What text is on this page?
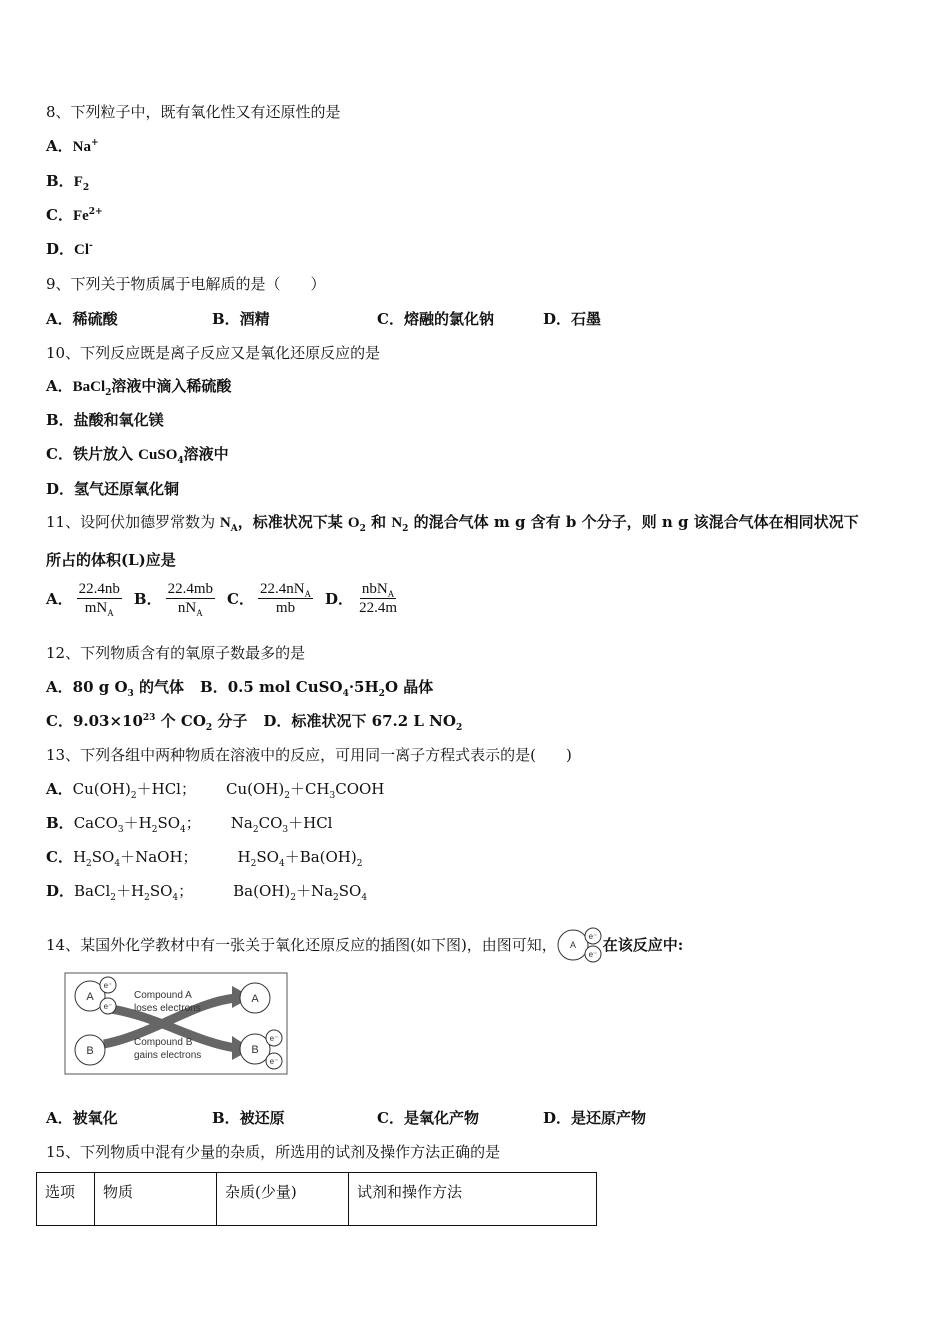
8、下列粒子中，既有氧化性又有还原性的是
A．Na+
B．$F_2$
C．$Fe^{2+}$
D．Cl-
9、下列关于物质属于电解质的是（　　）
A．稀硫酸	B．酒精	C．熔融的氯化钠	D．石墨
10、下列反应既是离子反应又是氧化还原反应的是
A．BaCl$_2$溶液中滴入稀硫酸
B．盐酸和氧化镁
C．铁片放入 CuSO$_4$溶液中
D．氢气还原氧化铜
11、设阿伏加德罗常数为 $N_A$，标准状况下某 $O_2$ 和 $N_2$ 的混合气体 m g 含有 b 个分子，则 n g 该混合气体在相同状况下
所占的体积(L)应是
A． $\frac{22.4nb}{mN_A}$ B． $\frac{22.4mb}{nN_A}$ C． $\frac{22.4nN_A}{mb}$ D． $\frac{nbN_A}{22.4m}$
12、下列物质含有的氧原子数最多的是
A．80 g $O_3$ 的气体 B．0.5 mol $CuSO_4\cdot 5H_2O$ 晶体
C．$9.03\times 10^{23}$ 个 $CO_2$ 分子 D．标准状况下 67.2 L $NO_2$
13、下列各组中两种物质在溶液中的反应，可用同一离子方程式表示的是(　　)
A．$Cu(OH)_2+HCl$； $Cu(OH)_2+CH_3COOH$
B．$CaCO_3+H_2SO_4$； $Na_2CO_3+HCl$
C．$H_2SO_4+NaOH$；	$H_2SO_4+Ba(OH)_2$
D．$BaCl_2+H_2SO_4$；	$Ba(OH)_2+Na_2SO_4$
14、某国外化学教材中有一张关于氧化还原反应的插图(如下图)，由图可知， A
e⁻
e⁻
在该反应中:
A
e⁻
e⁻
B
A
B
e⁻
e⁻
Compound A
loses electrons
Compound B
gains electrons
A．被氧化	B．被还原	C．是氧化产物	D．是还原产物
15、下列物质中混有少量的杂质，所选用的试剂及操作方法正确的是
选项	物质	杂质(少量)	试剂和操作方法
